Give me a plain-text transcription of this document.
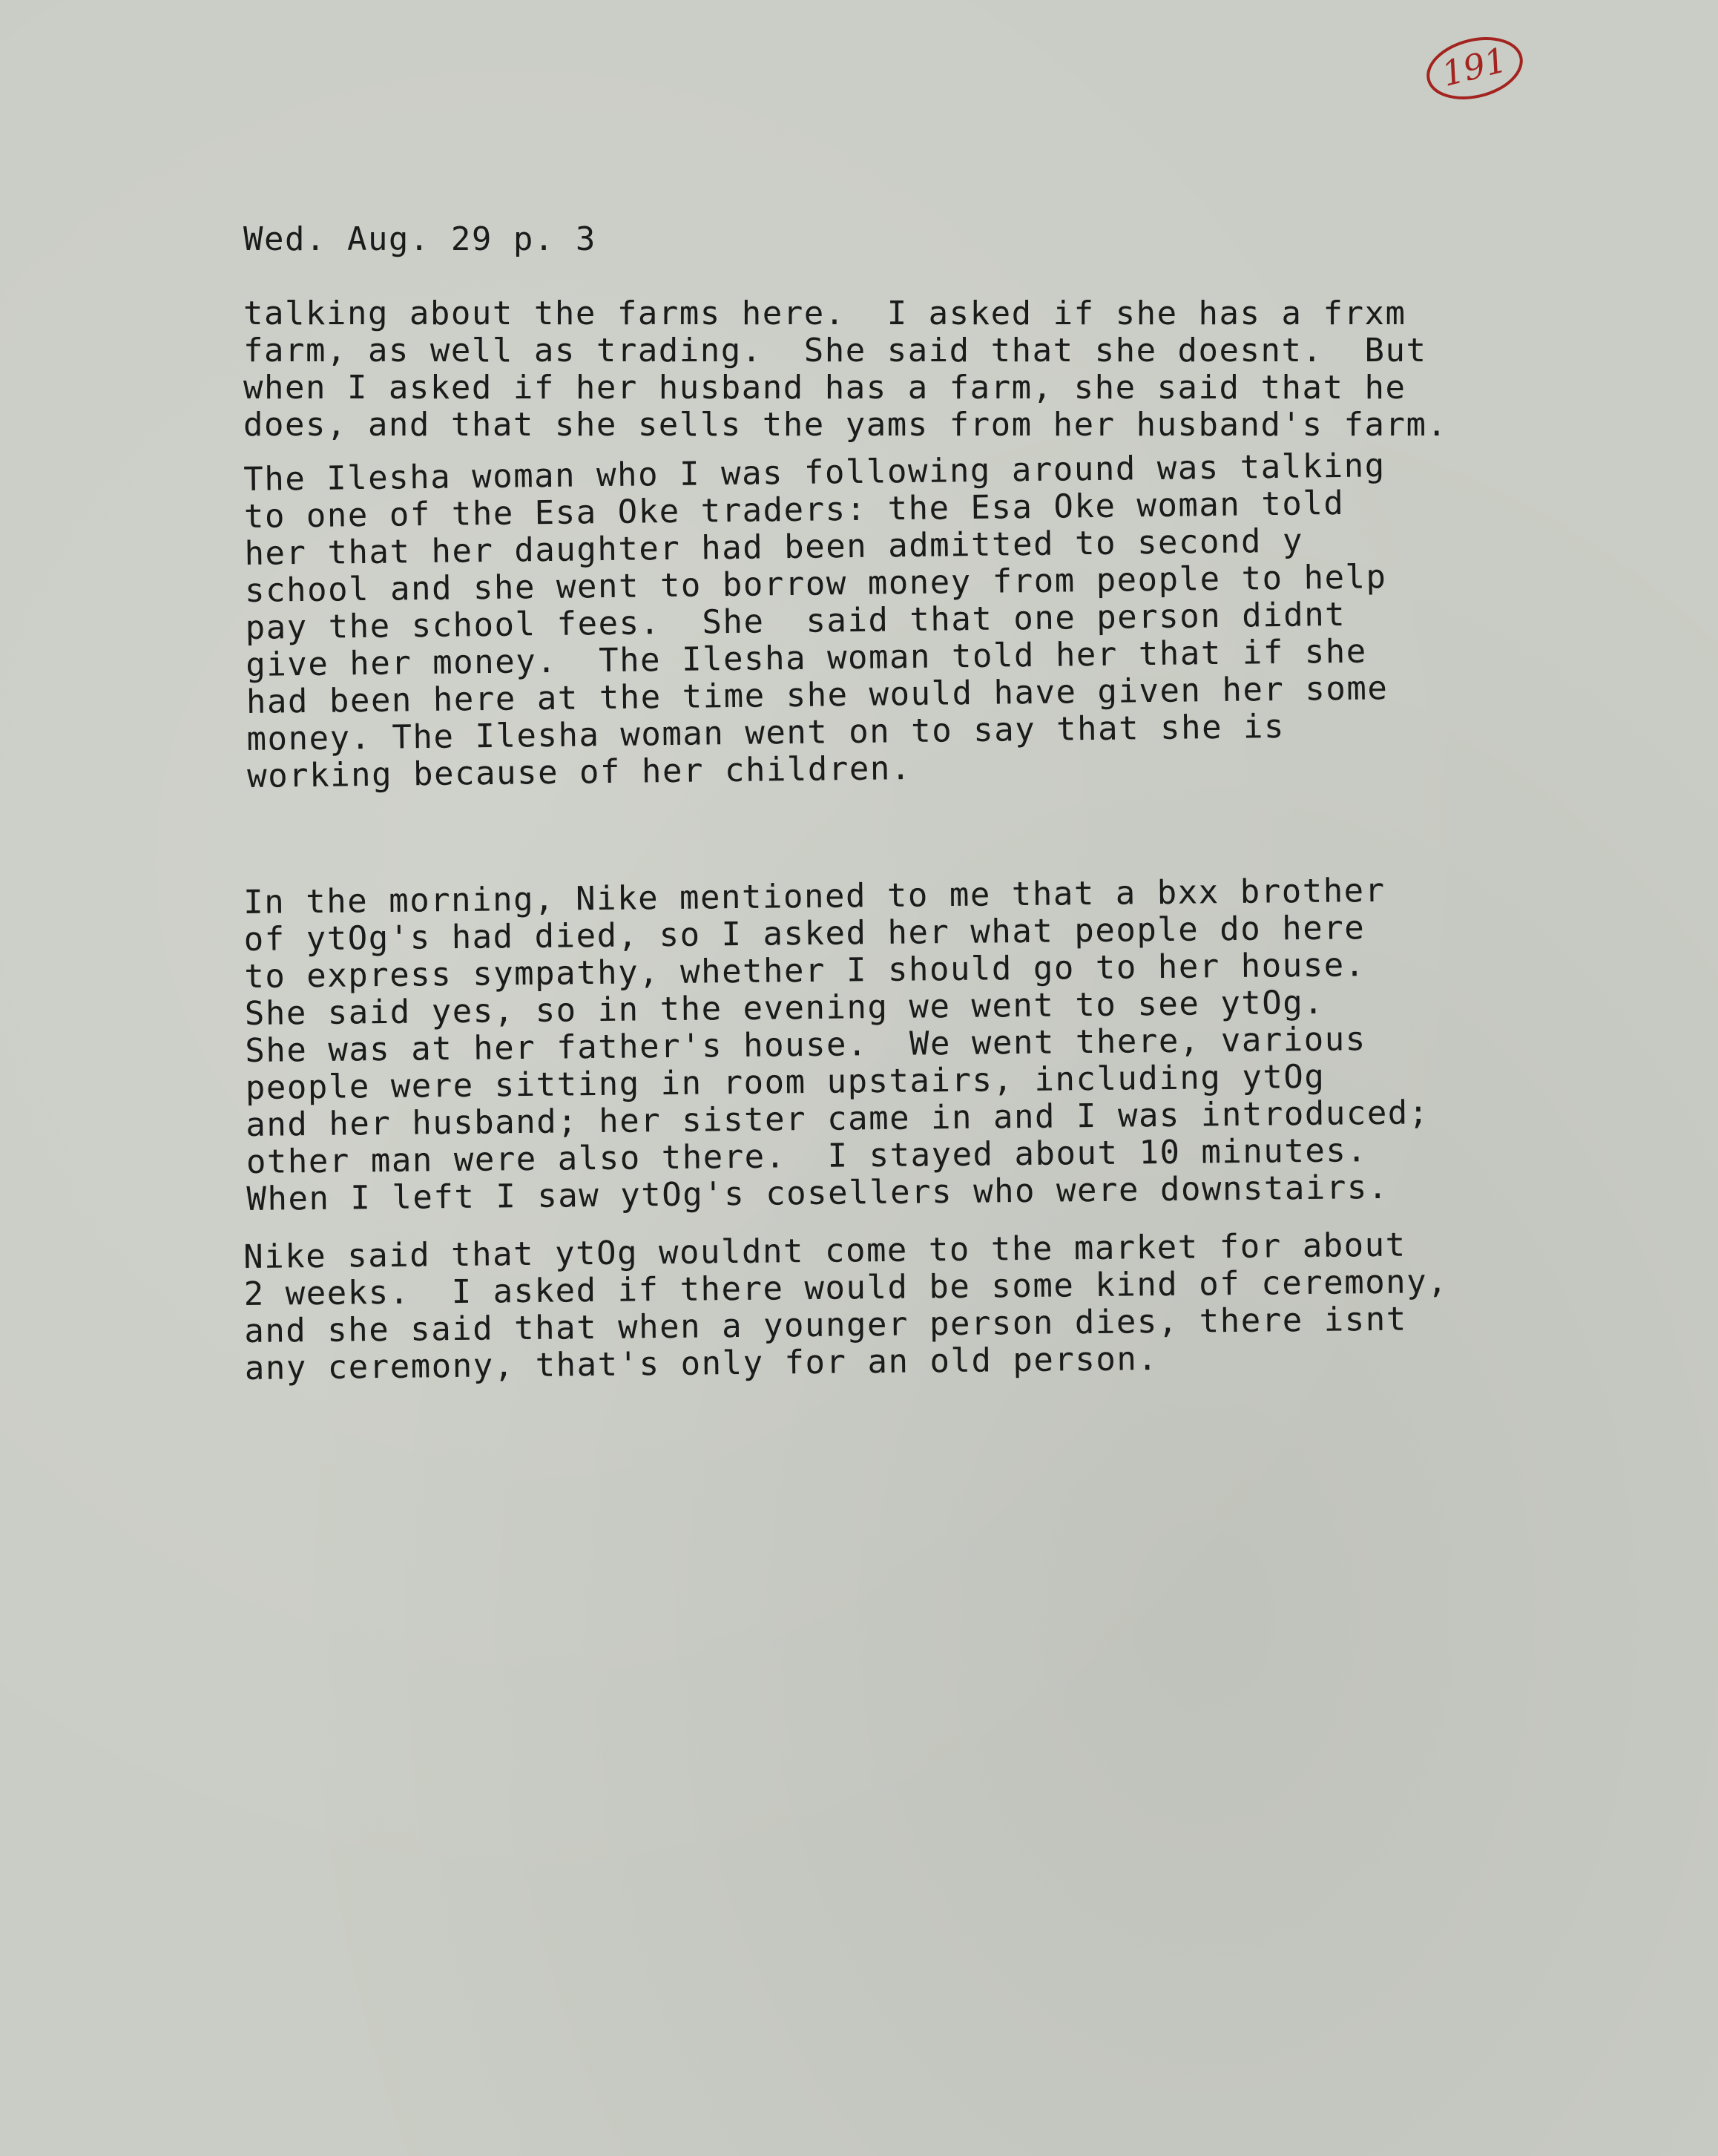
191
Wed. Aug. 29 p. 3
talking about the farms here.  I asked if she has a frxm
farm, as well as trading.  She said that she doesnt.  But
when I asked if her husband has a farm, she said that he
does, and that she sells the yams from her husband's farm.
The Ilesha woman who I was following around was talking
to one of the Esa Oke traders: the Esa Oke woman told
her that her daughter had been admitted to second y
school and she went to borrow money from people to help
pay the school fees.  She  said that one person didnt
give her money.  The Ilesha woman told her that if she
had been here at the time she would have given her some
money. The Ilesha woman went on to say that she is
working because of her children.
In the morning, Nike mentioned to me that a bxx brother
of ytOg's had died, so I asked her what people do here
to express sympathy, whether I should go to her house.
She said yes, so in the evening we went to see ytOg.
She was at her father's house.  We went there, various
people were sitting in room upstairs, including ytOg
and her husband; her sister came in and I was introduced;
other man were also there.  I stayed about 10 minutes.
When I left I saw ytOg's cosellers who were downstairs.
Nike said that ytOg wouldnt come to the market for about
2 weeks.  I asked if there would be some kind of ceremony,
and she said that when a younger person dies, there isnt
any ceremony, that's only for an old person.
